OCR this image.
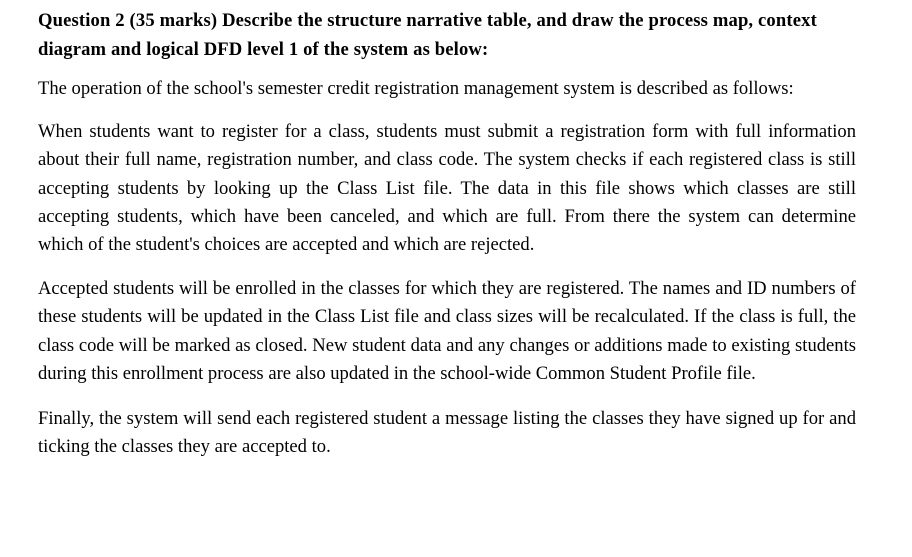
Question 2 (35 marks) Describe the structure narrative table, and draw the process map, context diagram and logical DFD level 1 of the system as below:

The operation of the school's semester credit registration management system is described as follows:

When students want to register for a class, students must submit a registration form with full information about their full name, registration number, and class code. The system checks if each registered class is still accepting students by looking up the Class List file. The data in this file shows which classes are still accepting students, which have been canceled, and which are full. From there the system can determine which of the student's choices are accepted and which are rejected.

Accepted students will be enrolled in the classes for which they are registered. The names and ID numbers of these students will be updated in the Class List file and class sizes will be recalculated. If the class is full, the class code will be marked as closed. New student data and any changes or additions made to existing students during this enrollment process are also updated in the school-wide Common Student Profile file.

Finally, the system will send each registered student a message listing the classes they have signed up for and ticking the classes they are accepted to.
